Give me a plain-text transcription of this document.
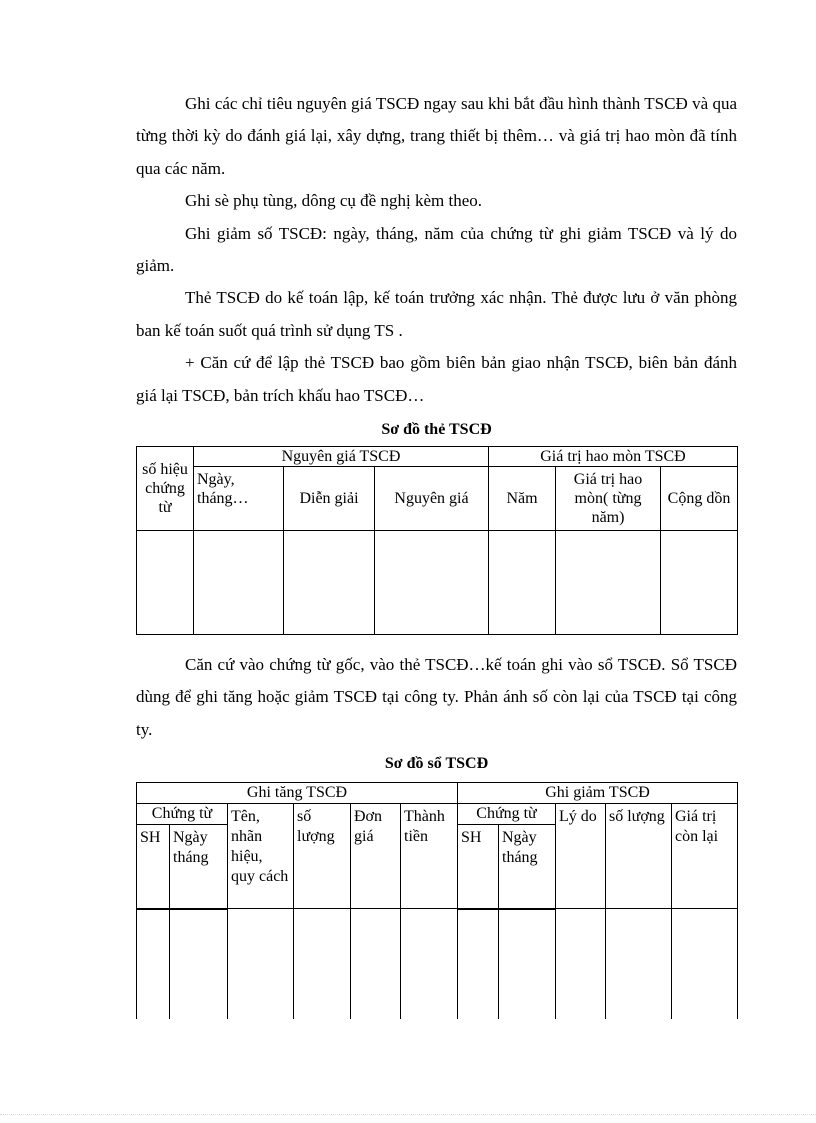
Ghi các chỉ tiêu nguyên giá TSCĐ ngay sau khi bắt đầu hình thành TSCĐ và qua từng thời kỳ do đánh giá lại, xây dựng, trang thiết bị thêm… và giá trị hao mòn đã tính qua các năm.

Ghi sè phụ tùng, dông cụ đề nghị kèm theo.

Ghi giảm số TSCĐ: ngày, tháng, năm của chứng từ ghi giảm TSCĐ và lý do giảm.

Thẻ TSCĐ do kế toán lập, kế toán trưởng xác nhận. Thẻ được lưu ở văn phòng ban kế toán suốt quá trình sử dụng TS .

+ Căn cứ để lập thẻ TSCĐ bao gồm biên bản giao nhận TSCĐ, biên bản đánh giá lại TSCĐ, bản trích khấu hao TSCĐ…

Sơ đồ thẻ TSCĐ
số hiệu chứng từ	Nguyên giá TSCĐ			Giá trị hao mòn TSCĐ		
	Ngày, tháng…	Diễn giải	Nguyên giá	Năm	Giá trị hao mòn( từng năm)	Cộng dồn

Căn cứ vào chứng từ gốc, vào thẻ TSCĐ…kế toán ghi vào sổ TSCĐ. Sổ TSCĐ dùng để ghi tăng hoặc giảm TSCĐ tại công ty. Phản ánh số còn lại của TSCĐ tại công ty.

Sơ đồ sổ TSCĐ
Ghi tăng TSCĐ						Ghi giảm TSCĐ				
Chứng từ		Tên, nhãn hiệu, quy cách	số lượng	Đơn giá	Thành tiền	Chứng từ		Lý do	số lượng	Giá trị còn lại
SH	Ngày tháng					SH	Ngày tháng			
